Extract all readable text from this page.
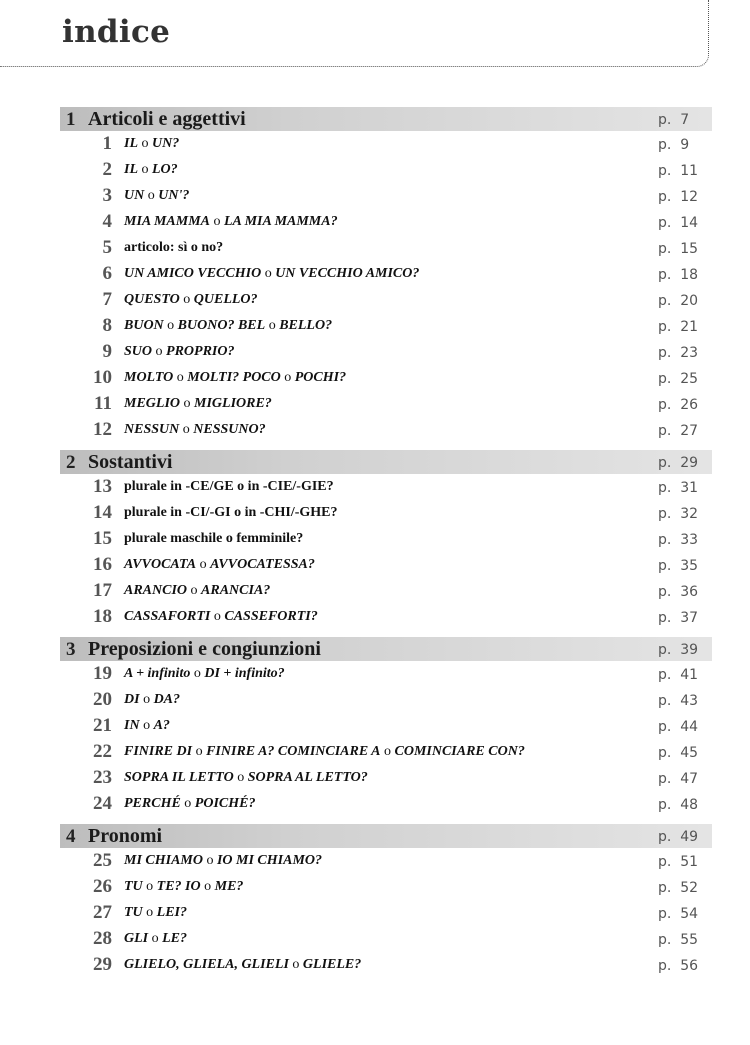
indice
1 Articoli e aggettivi	p.  7
1 IL o UN?	p.  9
2 IL o LO?	p.  11
3 UN o UN'?	p.  12
4 MIA MAMMA o LA MIA MAMMA?	p.  14
5 articolo: sì o no?	p.  15
6 UN AMICO VECCHIO o UN VECCHIO AMICO?	p.  18
7 QUESTO o QUELLO?	p.  20
8 BUON o BUONO? BEL o BELLO?	p.  21
9 SUO o PROPRIO?	p.  23
10 MOLTO o MOLTI? POCO o POCHI?	p.  25
11 MEGLIO o MIGLIORE?	p.  26
12 NESSUN o NESSUNO?	p.  27
2 Sostantivi	p.  29
13 plurale in -CE/GE o in -CIE/-GIE?	p.  31
14 plurale in -CI/-GI o in -CHI/-GHE?	p.  32
15 plurale maschile o femminile?	p.  33
16 AVVOCATA o AVVOCATESSA?	p.  35
17 ARANCIO o ARANCIA?	p.  36
18 CASSAFORTI o CASSEFORTI?	p.  37
3 Preposizioni e congiunzioni	p.  39
19 A + infinito o DI + infinito?	p.  41
20 DI o DA?	p.  43
21 IN o A?	p.  44
22 FINIRE DI o FINIRE A? COMINCIARE A o COMINCIARE CON?	p.  45
23 SOPRA IL LETTO o SOPRA AL LETTO?	p.  47
24 PERCHÉ o POICHÉ?	p.  48
4 Pronomi	p.  49
25 MI CHIAMO o IO MI CHIAMO?	p.  51
26 TU o TE? IO o ME?	p.  52
27 TU o LEI?	p.  54
28 GLI o LE?	p.  55
29 GLIELO, GLIELA, GLIELI o GLIELE?	p.  56
